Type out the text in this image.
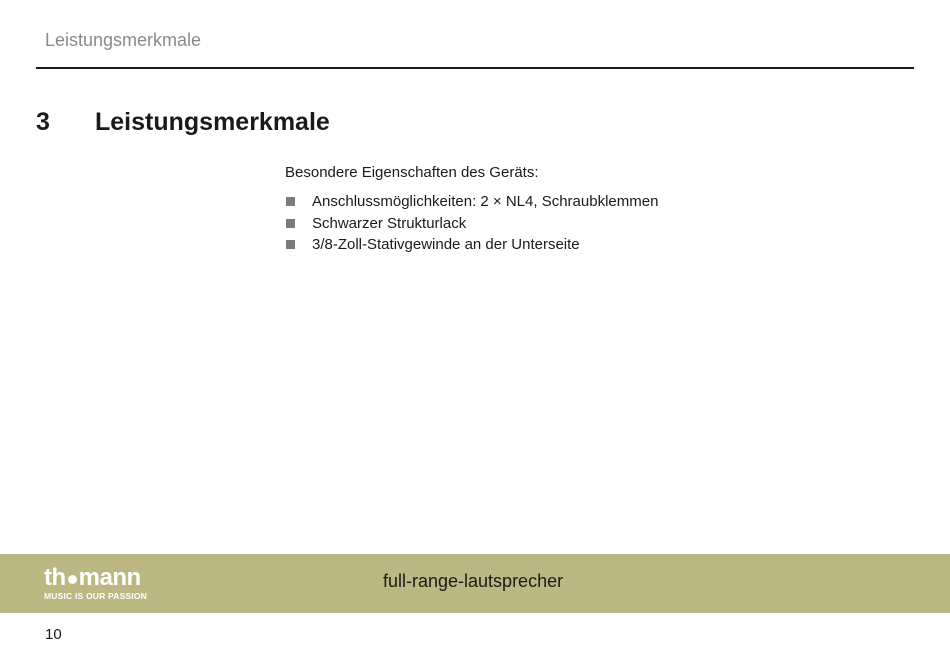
Leistungsmerkmale
3 Leistungsmerkmale
Besondere Eigenschaften des Geräts:
Anschlussmöglichkeiten: 2 × NL4, Schraubklemmen
Schwarzer Strukturlack
3/8-Zoll-Stativgewinde an der Unterseite
th mann
MUSIC IS OUR PASSION
full-range-lautsprecher
10
